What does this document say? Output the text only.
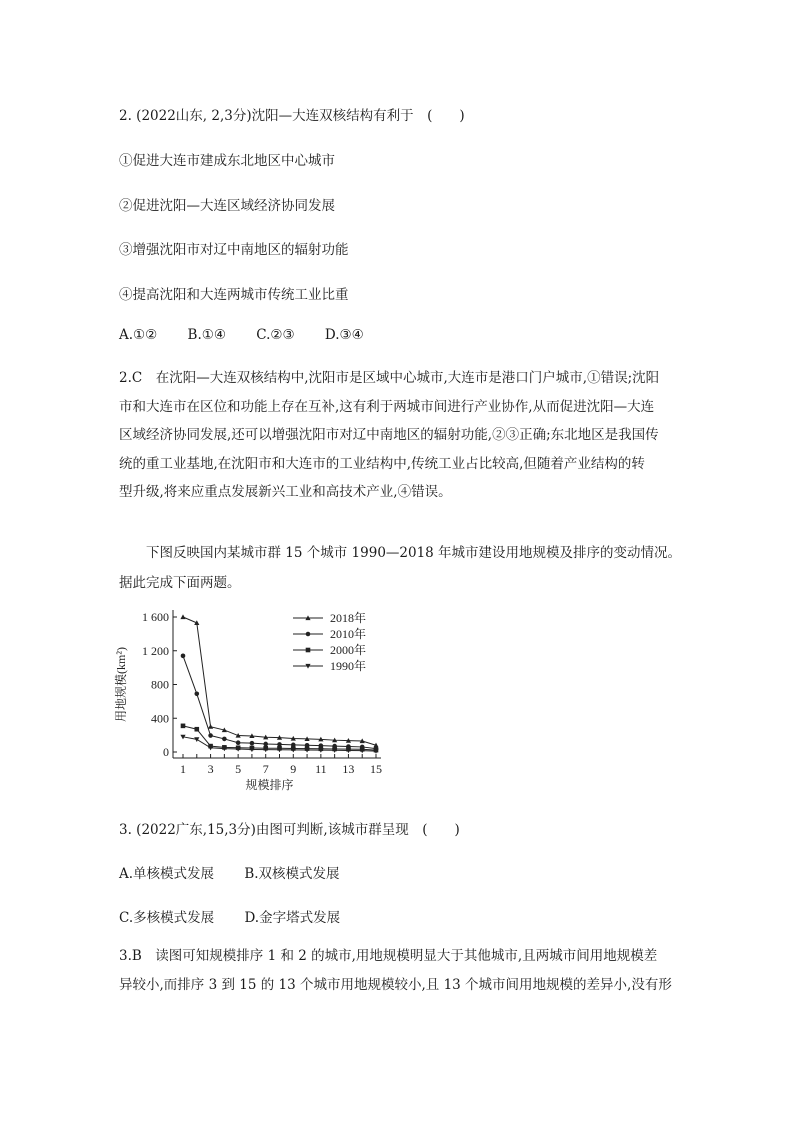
2. (2022山东, 2,3分)沈阳—大连双核结构有利于　(　　)
①促进大连市建成东北地区中心城市
②促进沈阳—大连区域经济协同发展
③增强沈阳市对辽中南地区的辐射功能
④提高沈阳和大连两城市传统工业比重
A.①② B.①④ C.②③ D.③④

2.C　在沈阳—大连双核结构中,沈阳市是区域中心城市,大连市是港口门户城市,①错误;沈阳

市和大连市在区位和功能上存在互补,这有利于两城市间进行产业协作,从而促进沈阳—大连

区域经济协同发展,还可以增强沈阳市对辽中南地区的辐射功能,②③正确;东北地区是我国传

统的重工业基地,在沈阳市和大连市的工业结构中,传统工业占比较高,但随着产业结构的转

型升级,将来应重点发展新兴工业和高技术产业,④错误。

　　下图反映国内某城市群 15 个城市 1990—2018 年城市建设用地规模及排序的变动情况。

据此完成下面两题。

0
400
800
1 200
1 600
1 3 5 7 9 11 13 15
规模排序
用地规模(km²)
2018年
2010年
2000年
1990年
3. (2022广东,15,3分)由图可判断,该城市群呈现　(　　)
A.单核模式发展 B.双核模式发展
C.多核模式发展 D.金字塔式发展

3.B　读图可知规模排序 1 和 2 的城市,用地规模明显大于其他城市,且两城市间用地规模差

异较小,而排序 3 到 15 的 13 个城市用地规模较小,且 13 个城市间用地规模的差异小,没有形
